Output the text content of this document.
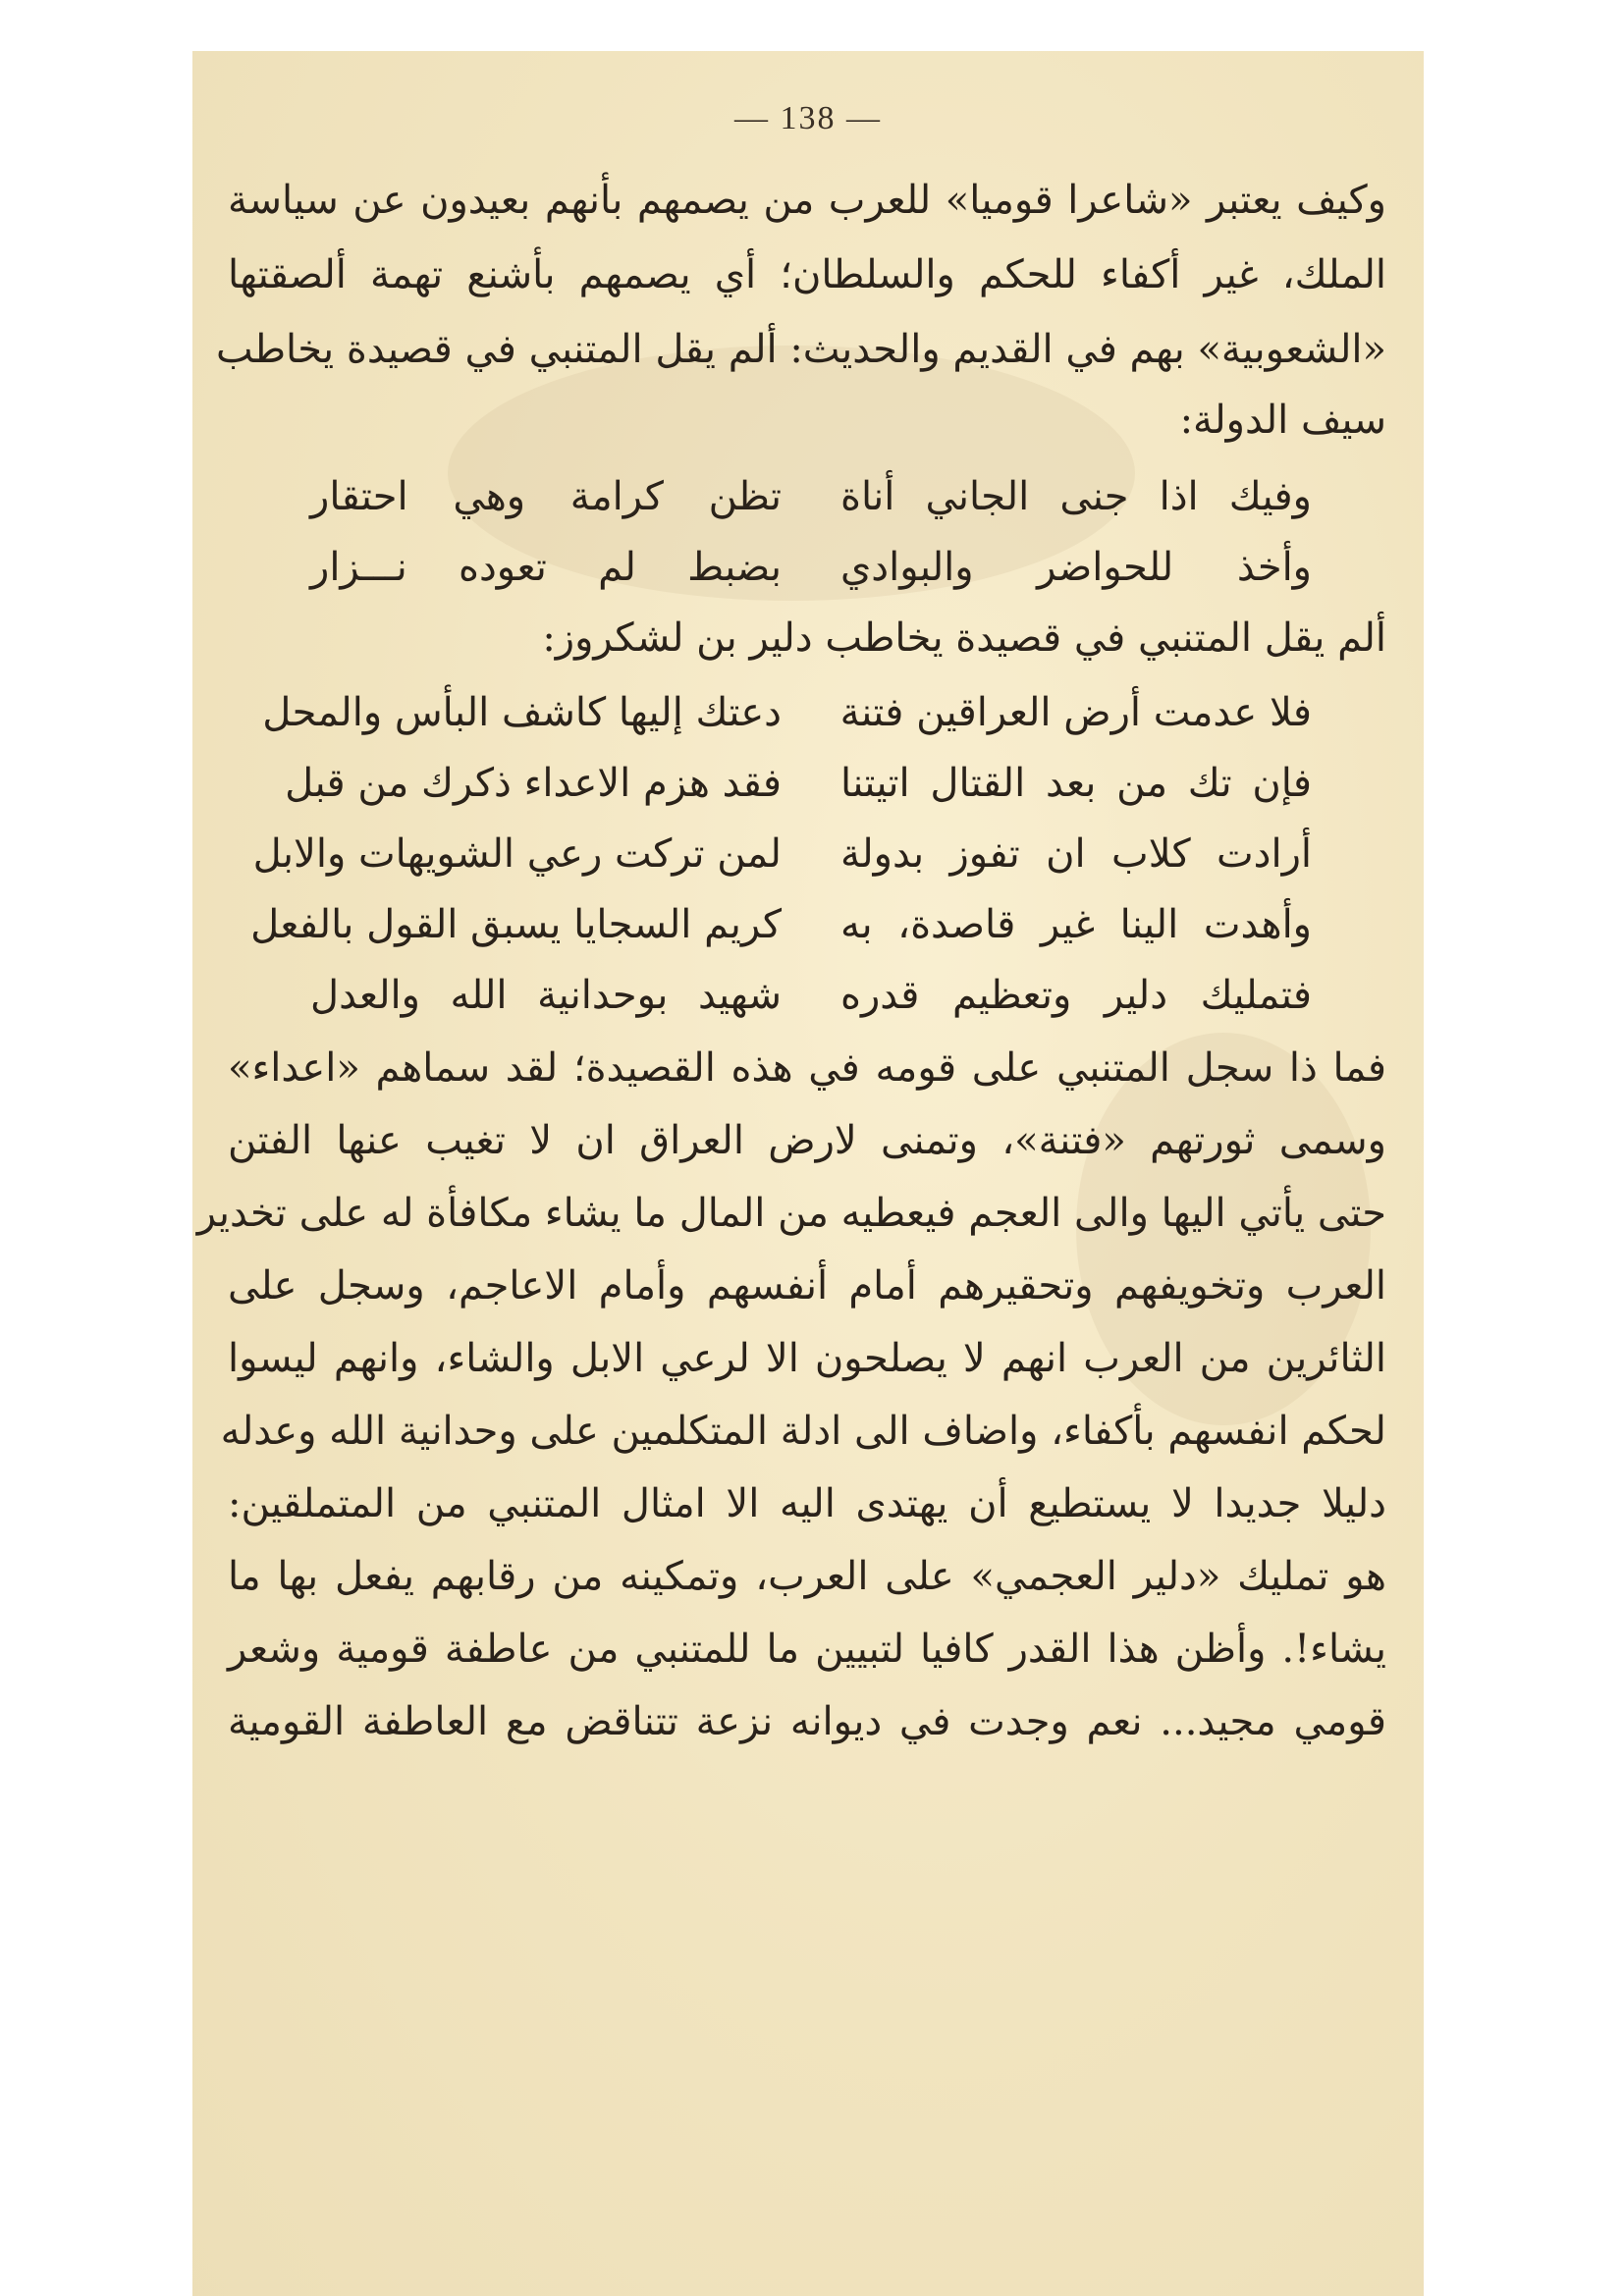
— 138 —
وكيف يعتبر «شاعرا قوميا» للعرب من يصمهم بأنهم بعيدون عن سياسة
الملك، غير أكفاء للحكم والسلطان؛ أي يصمهم بأشنع تهمة ألصقتها
«الشعوبية» بهم في القديم والحديث: ألم يقل المتنبي في قصيدة يخاطب
سيف الدولة:
وفيك اذا جنى الجاني أناة
تظن كرامة وهي احتقار
وأخذ للحواضر والبوادي
بضبط لم تعوده نـــزار
ألم يقل المتنبي في قصيدة يخاطب دلير بن لشكروز:
فلا عدمت أرض العراقين فتنة
دعتك إليها كاشف البأس والمحل
فإن تك من بعد القتال اتيتنا
فقد هزم الاعداء ذكرك من قبل
أرادت كلاب ان تفوز بدولة
لمن تركت رعي الشويهات والابل
وأهدت الينا غير قاصدة، به
كريم السجايا يسبق القول بالفعل
فتمليك دلير وتعظيم قدره
شهيد بوحدانية الله والعدل
فما ذا سجل المتنبي على قومه في هذه القصيدة؛ لقد سماهم «اعداء»
وسمى ثورتهم «فتنة»، وتمنى لارض العراق ان لا تغيب عنها الفتن
حتى يأتي اليها والى العجم فيعطيه من المال ما يشاء مكافأة له على تخدير
العرب وتخويفهم وتحقيرهم أمام أنفسهم وأمام الاعاجم، وسجل على
الثائرين من العرب انهم لا يصلحون الا لرعي الابل والشاء، وانهم ليسوا
لحكم انفسهم بأكفاء، واضاف الى ادلة المتكلمين على وحدانية الله وعدله
دليلا جديدا لا يستطيع أن يهتدى اليه الا امثال المتنبي من المتملقين:
هو تمليك «دلير العجمي» على العرب، وتمكينه من رقابهم يفعل بها ما
يشاء!. وأظن هذا القدر كافيا لتبيين ما للمتنبي من عاطفة قومية وشعر
قومي مجيد... نعم وجدت في ديوانه نزعة تتناقض مع العاطفة القومية
